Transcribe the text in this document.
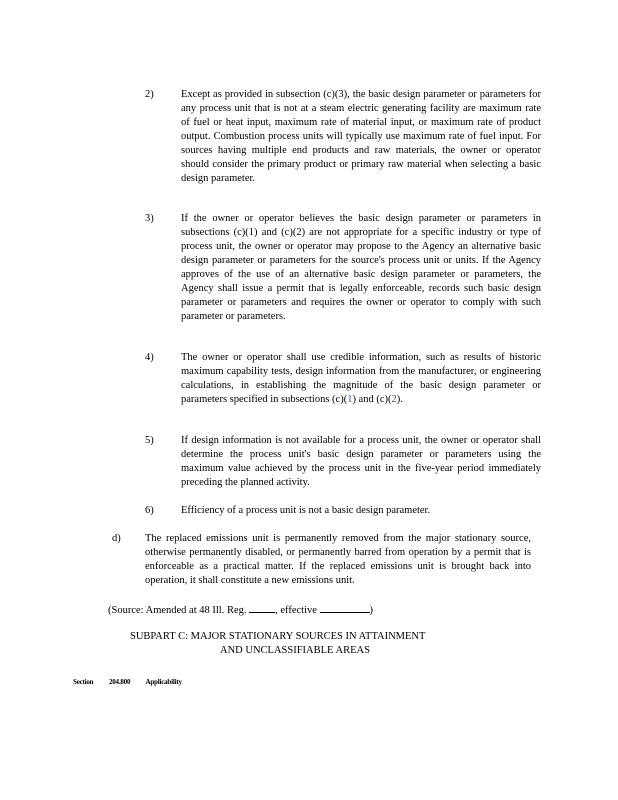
2)	Except as provided in subsection (c)(3), the basic design parameter or parameters for any process unit that is not at a steam electric generating facility are maximum rate of fuel or heat input, maximum rate of material input, or maximum rate of product output. Combustion process units will typically use maximum rate of fuel input. For sources having multiple end products and raw materials, the owner or operator should consider the primary product or primary raw material when selecting a basic design parameter.
3)	If the owner or operator believes the basic design parameter or parameters in subsections (c)(1) and (c)(2) are not appropriate for a specific industry or type of process unit, the owner or operator may propose to the Agency an alternative basic design parameter or parameters for the source's process unit or units. If the Agency approves of the use of an alternative basic design parameter or parameters, the Agency shall issue a permit that is legally enforceable, records such basic design parameter or parameters and requires the owner or operator to comply with such parameter or parameters.
4)	The owner or operator shall use credible information, such as results of historic maximum capability tests, design information from the manufacturer, or engineering calculations, in establishing the magnitude of the basic design parameter or parameters specified in subsections (c)(1) and (c)(2).
5)	If design information is not available for a process unit, the owner or operator shall determine the process unit's basic design parameter or parameters using the maximum value achieved by the process unit in the five-year period immediately preceding the planned activity.
6)	Efficiency of a process unit is not a basic design parameter.
d) The replaced emissions unit is permanently removed from the major stationary source, otherwise permanently disabled, or permanently barred from operation by a permit that is enforceable as a practical matter. If the replaced emissions unit is brought back into operation, it shall constitute a new emissions unit.
(Source: Amended at 48 Ill. Reg.	, effective	)
SUBPART C: MAJOR STATIONARY SOURCES IN ATTAINMENT
AND UNCLASSIFIABLE AREAS
Section 204.800 Applicability
